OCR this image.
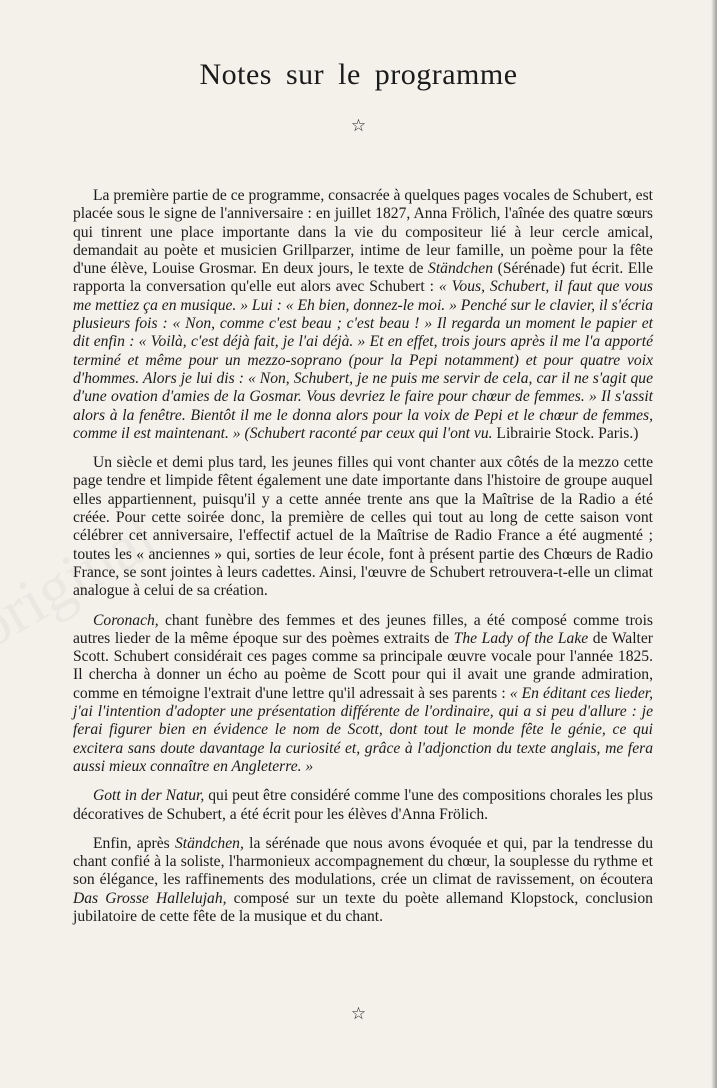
Notes sur le programme
☆

La première partie de ce programme, consacrée à quelques pages vocales de Schubert, est placée sous le signe de l'anniversaire : en juillet 1827, Anna Frölich, l'aînée des quatre sœurs qui tinrent une place importante dans la vie du compositeur lié à leur cercle amical, demandait au poète et musicien Grillparzer, intime de leur famille, un poème pour la fête d'une élève, Louise Grosmar. En deux jours, le texte de Ständchen (Sérénade) fut écrit. Elle rapporta la conversation qu'elle eut alors avec Schubert : « Vous, Schubert, il faut que vous me mettiez ça en musique. » Lui : « Eh bien, donnez-le moi. » Penché sur le clavier, il s'écria plusieurs fois : « Non, comme c'est beau ; c'est beau ! » Il regarda un moment le papier et dit enfin : « Voilà, c'est déjà fait, je l'ai déjà. » Et en effet, trois jours après il me l'a apporté terminé et même pour un mezzo-soprano (pour la Pepi notamment) et pour quatre voix d'hommes. Alors je lui dis : « Non, Schubert, je ne puis me servir de cela, car il ne s'agit que d'une ovation d'amies de la Gosmar. Vous devriez le faire pour chœur de femmes. » Il s'assit alors à la fenêtre. Bientôt il me le donna alors pour la voix de Pepi et le chœur de femmes, comme il est maintenant. » (Schubert raconté par ceux qui l'ont vu. Librairie Stock. Paris.)

Un siècle et demi plus tard, les jeunes filles qui vont chanter aux côtés de la mezzo cette page tendre et limpide fêtent également une date importante dans l'histoire de groupe auquel elles appartiennent, puisqu'il y a cette année trente ans que la Maîtrise de la Radio a été créée. Pour cette soirée donc, la première de celles qui tout au long de cette saison vont célébrer cet anniversaire, l'effectif actuel de la Maîtrise de Radio France a été augmenté ; toutes les « anciennes » qui, sorties de leur école, font à présent partie des Chœurs de Radio France, se sont jointes à leurs cadettes. Ainsi, l'œuvre de Schubert retrouvera-t-elle un climat analogue à celui de sa création.

Coronach, chant funèbre des femmes et des jeunes filles, a été composé comme trois autres lieder de la même époque sur des poèmes extraits de The Lady of the Lake de Walter Scott. Schubert considérait ces pages comme sa principale œuvre vocale pour l'année 1825. Il chercha à donner un écho au poème de Scott pour qui il avait une grande admiration, comme en témoigne l'extrait d'une lettre qu'il adressait à ses parents : « En éditant ces lieder, j'ai l'intention d'adopter une présentation différente de l'ordinaire, qui a si peu d'allure : je ferai figurer bien en évidence le nom de Scott, dont tout le monde fête le génie, ce qui excitera sans doute davantage la curiosité et, grâce à l'adjonction du texte anglais, me fera aussi mieux connaître en Angleterre. »

Gott in der Natur, qui peut être considéré comme l'une des compositions chorales les plus décoratives de Schubert, a été écrit pour les élèves d'Anna Frölich.

Enfin, après Ständchen, la sérénade que nous avons évoquée et qui, par la tendresse du chant confié à la soliste, l'harmonieux accompagnement du chœur, la souplesse du rythme et son élégance, les raffinements des modulations, crée un climat de ravissement, on écoutera Das Grosse Hallelujah, composé sur un texte du poète allemand Klopstock, conclusion jubilatoire de cette fête de la musique et du chant.

☆
